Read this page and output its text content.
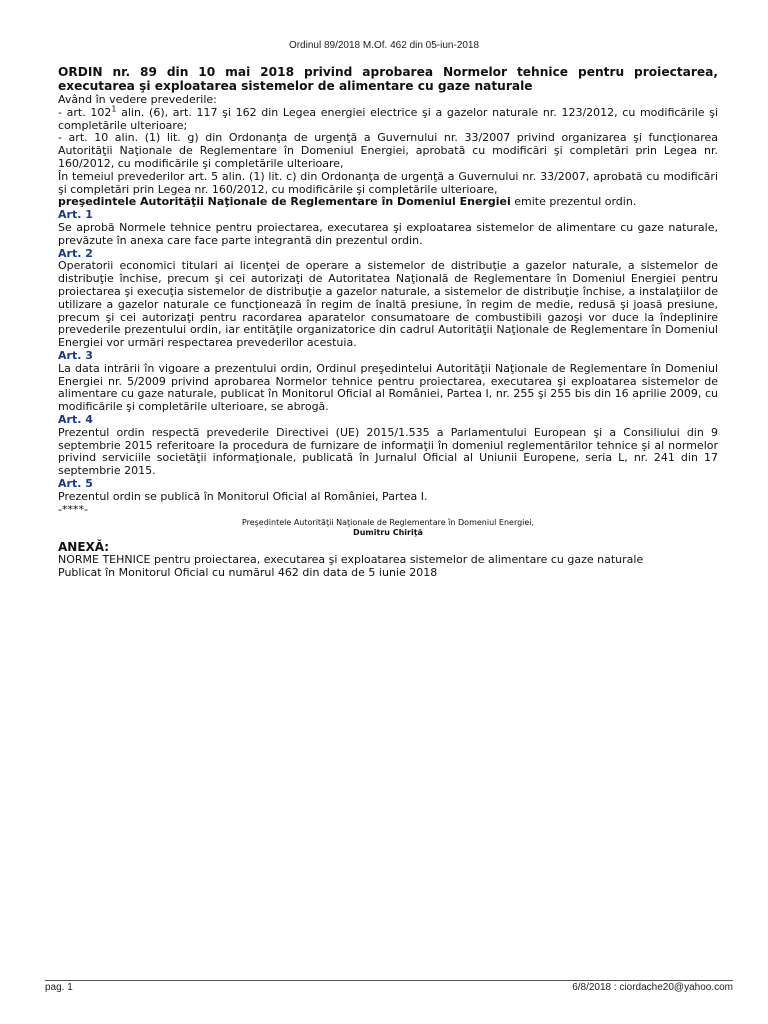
Ordinul 89/2018 M.Of. 462 din 05-iun-2018
ORDIN nr. 89 din 10 mai 2018 privind aprobarea Normelor tehnice pentru proiectarea, executarea şi exploatarea sistemelor de alimentare cu gaze naturale

Având în vedere prevederile:

- art. $102^1$ alin. (6), art. 117 şi 162 din Legea energiei electrice şi a gazelor naturale nr. 123/2012, cu modificările şi completările ulterioare;

- art. 10 alin. (1) lit. g) din Ordonanţa de urgenţă a Guvernului nr. 33/2007 privind organizarea şi funcţionarea Autorităţii Naţionale de Reglementare în Domeniul Energiei, aprobată cu modificări şi completări prin Legea nr. 160/2012, cu modificările şi completările ulterioare,

În temeiul prevederilor art. 5 alin. (1) lit. c) din Ordonanţa de urgenţă a Guvernului nr. 33/2007, aprobată cu modificări şi completări prin Legea nr. 160/2012, cu modificările şi completările ulterioare,

preşedintele Autorităţii Naţionale de Reglementare în Domeniul Energiei emite prezentul ordin.

Art. 1

Se aprobă Normele tehnice pentru proiectarea, executarea şi exploatarea sistemelor de alimentare cu gaze naturale, prevăzute în anexa care face parte integrantă din prezentul ordin.

Art. 2

Operatorii economici titulari ai licenţei de operare a sistemelor de distribuţie a gazelor naturale, a sistemelor de distribuţie închise, precum şi cei autorizaţi de Autoritatea Naţională de Reglementare în Domeniul Energiei pentru proiectarea şi execuţia sistemelor de distribuţie a gazelor naturale, a sistemelor de distribuţie închise, a instalaţiilor de utilizare a gazelor naturale ce funcţionează în regim de înaltă presiune, în regim de medie, redusă şi joasă presiune, precum şi cei autorizaţi pentru racordarea aparatelor consumatoare de combustibili gazoşi vor duce la îndeplinire prevederile prezentului ordin, iar entităţile organizatorice din cadrul Autorităţii Naţionale de Reglementare în Domeniul Energiei vor urmări respectarea prevederilor acestuia.

Art. 3

La data intrării în vigoare a prezentului ordin, Ordinul preşedintelui Autorităţii Naţionale de Reglementare în Domeniul Energiei nr. 5/2009 privind aprobarea Normelor tehnice pentru proiectarea, executarea şi exploatarea sistemelor de alimentare cu gaze naturale, publicat în Monitorul Oficial al României, Partea I, nr. 255 şi 255 bis din 16 aprilie 2009, cu modificările şi completările ulterioare, se abrogă.

Art. 4

Prezentul ordin respectă prevederile Directivei (UE) 2015/1.535 a Parlamentului European şi a Consiliului din 9 septembrie 2015 referitoare la procedura de furnizare de informaţii în domeniul reglementărilor tehnice şi al normelor privind serviciile societăţii informaţionale, publicată în Jurnalul Oficial al Uniunii Europene, seria L, nr. 241 din 17 septembrie 2015.

Art. 5

Prezentul ordin se publică în Monitorul Oficial al României, Partea I.

-****-

Preşedintele Autorităţii Naţionale de Reglementare în Domeniul Energiei,
Dumitru Chiriţă
ANEXĂ:

NORME TEHNICE pentru proiectarea, executarea şi exploatarea sistemelor de alimentare cu gaze naturale

Publicat în Monitorul Oficial cu numărul 462 din data de 5 iunie 2018

pag. 1	6/8/2018 : ciordache20@yahoo.com
